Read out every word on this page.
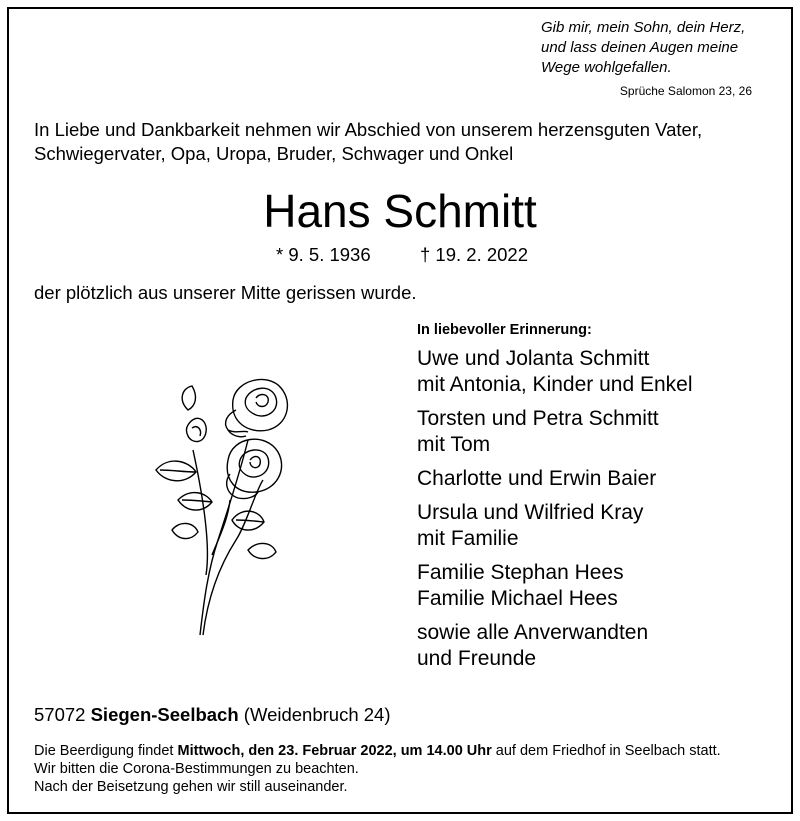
Gib mir, mein Sohn, dein Herz,
und lass deinen Augen meine
Wege wohlgefallen.
Sprüche Salomon 23, 26
In Liebe und Dankbarkeit nehmen wir Abschied von unserem herzensguten Vater,
Schwiegervater, Opa, Uropa, Bruder, Schwager und Onkel
Hans Schmitt
* 9. 5. 1936	† 19. 2. 2022
der plötzlich aus unserer Mitte gerissen wurde.
In liebevoller Erinnerung:
Uwe und Jolanta Schmitt
mit Antonia, Kinder und Enkel
Torsten und Petra Schmitt
mit Tom
Charlotte und Erwin Baier
Ursula und Wilfried Kray
mit Familie
Familie Stephan Hees
Familie Michael Hees
sowie alle Anverwandten
und Freunde
57072 Siegen-Seelbach (Weidenbruch 24)
Die Beerdigung findet Mittwoch, den 23. Februar 2022, um 14.00 Uhr auf dem Friedhof in Seelbach statt.
Wir bitten die Corona-Bestimmungen zu beachten.
Nach der Beisetzung gehen wir still auseinander.
